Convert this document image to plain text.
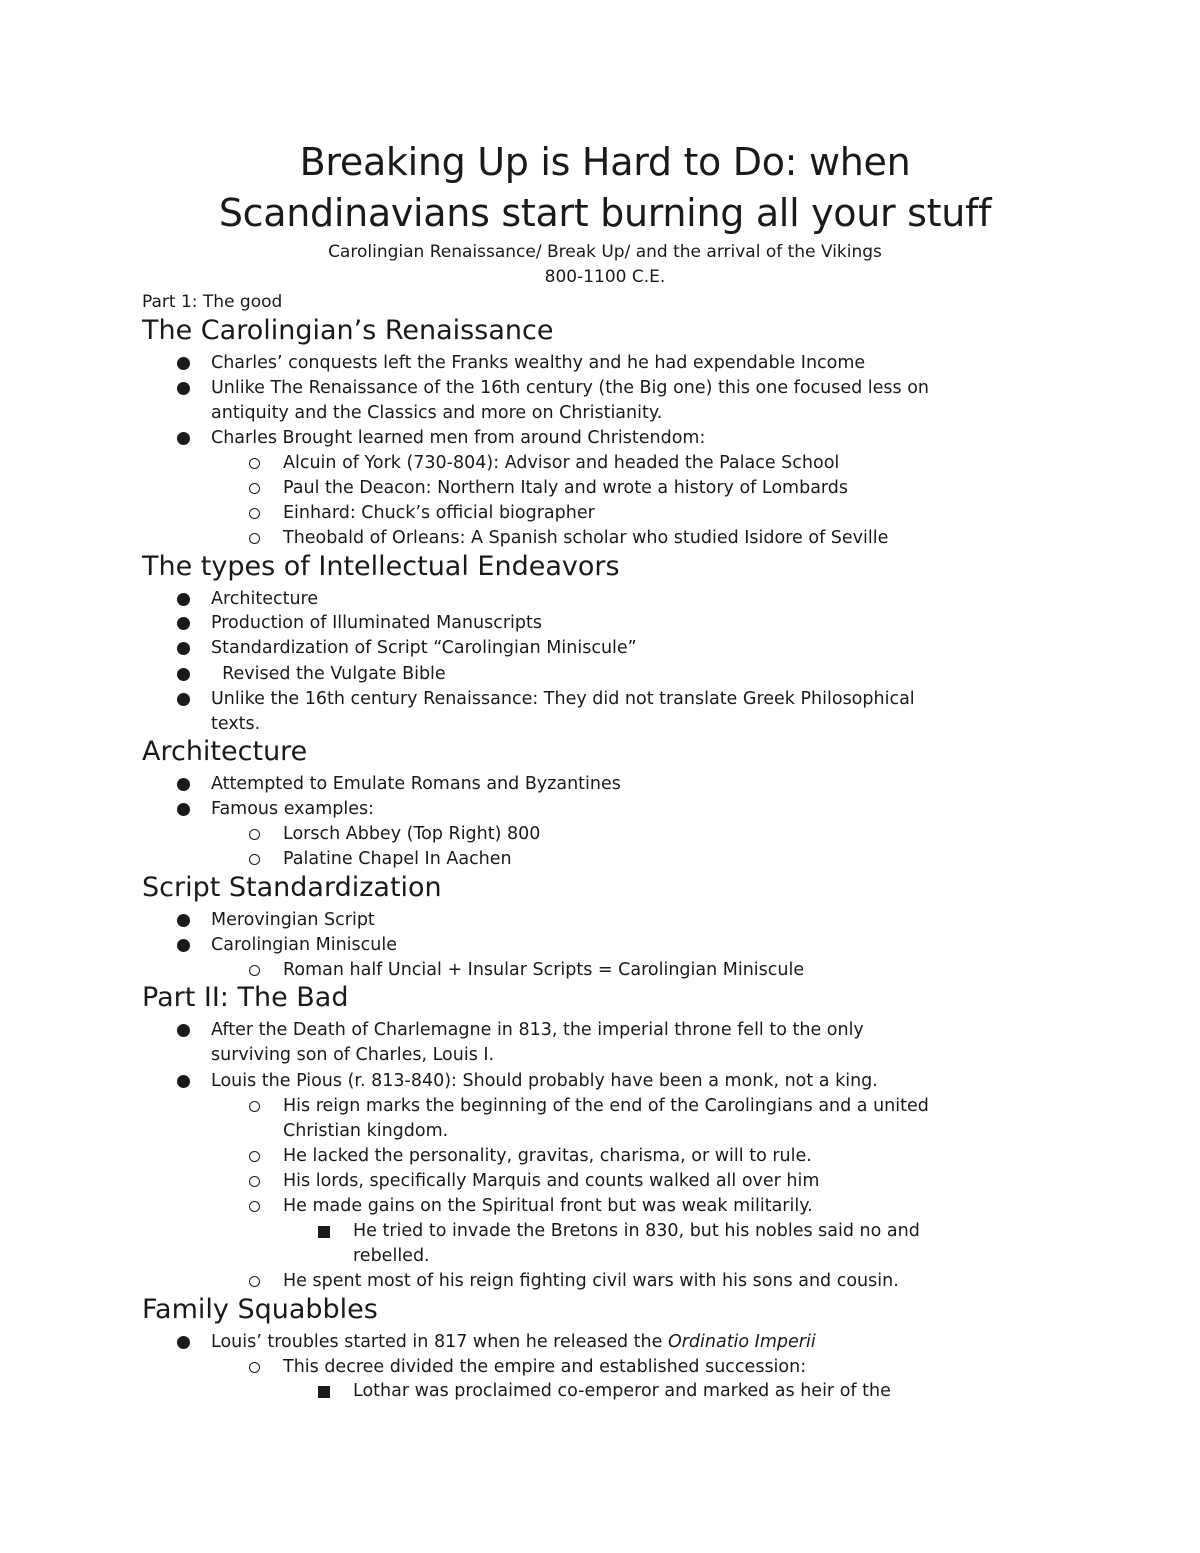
Breaking Up is Hard to Do: when
Scandinavians start burning all your stuff

Carolingian Renaissance/ Break Up/ and the arrival of the Vikings

800-1100 C.E.

Part 1: The good

The Carolingian’s Renaissance

Charles’ conquests left the Franks wealthy and he had expendable Income

Unlike The Renaissance of the 16th century (the Big one) this one focused less on

antiquity and the Classics and more on Christianity.

Charles Brought learned men from around Christendom:

Alcuin of York (730-804): Advisor and headed the Palace School

Paul the Deacon: Northern Italy and wrote a history of Lombards

Einhard: Chuck’s official biographer

Theobald of Orleans: A Spanish scholar who studied Isidore of Seville

The types of Intellectual Endeavors

Architecture

Production of Illuminated Manuscripts

Standardization of Script “Carolingian Miniscule”

Revised the Vulgate Bible

Unlike the 16th century Renaissance: They did not translate Greek Philosophical

texts.

Architecture

Attempted to Emulate Romans and Byzantines

Famous examples:

Lorsch Abbey (Top Right) 800

Palatine Chapel In Aachen

Script Standardization

Merovingian Script

Carolingian Miniscule

Roman half Uncial + Insular Scripts = Carolingian Miniscule

Part II: The Bad

After the Death of Charlemagne in 813, the imperial throne fell to the only

surviving son of Charles, Louis I.

Louis the Pious (r. 813-840): Should probably have been a monk, not a king.

His reign marks the beginning of the end of the Carolingians and a united

Christian kingdom.

He lacked the personality, gravitas, charisma, or will to rule.

His lords, specifically Marquis and counts walked all over him

He made gains on the Spiritual front but was weak militarily.

He tried to invade the Bretons in 830, but his nobles said no and

rebelled.

He spent most of his reign fighting civil wars with his sons and cousin.

Family Squabbles

Louis’ troubles started in 817 when he released the Ordinatio Imperii

This decree divided the empire and established succession:

Lothar was proclaimed co-emperor and marked as heir of the
